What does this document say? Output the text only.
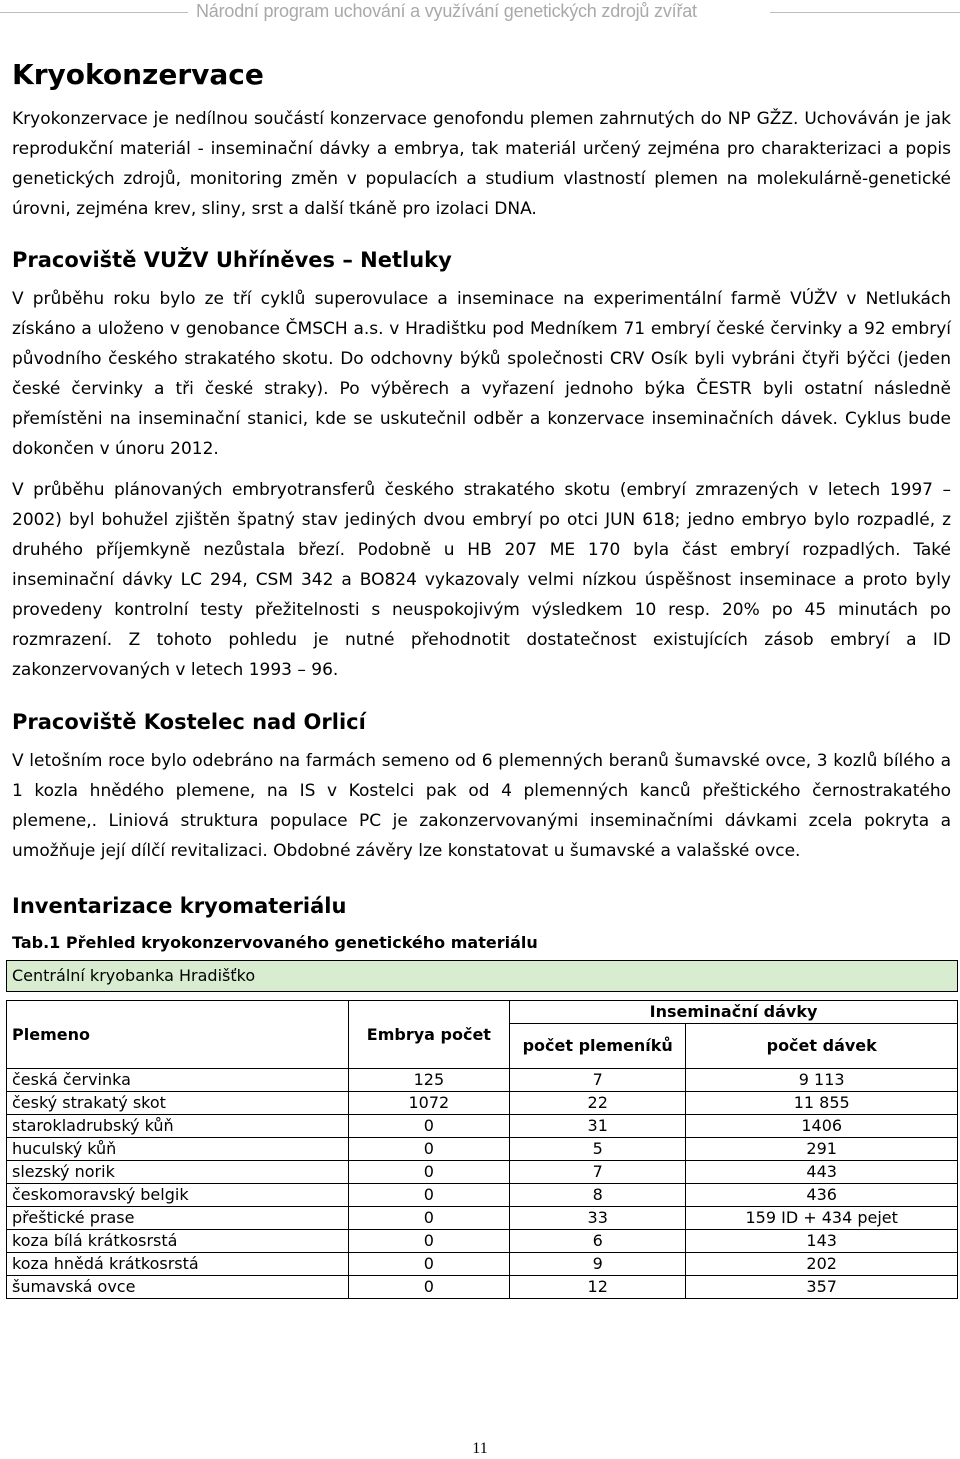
Národní program uchování a využívání genetických zdrojů zvířat
Kryokonzervace

Kryokonzervace je nedílnou součástí konzervace genofondu plemen zahrnutých do NP GŽZ. Uchováván je jak reprodukční materiál - inseminační dávky a embrya, tak materiál určený zejména pro charakterizaci a popis genetických zdrojů, monitoring změn v populacích a studium vlastností plemen na molekulárně-genetické úrovni, zejména krev, sliny, srst a další tkáně pro izolaci DNA.

Pracoviště VUŽV Uhříněves – Netluky

V průběhu roku bylo ze tří cyklů superovulace a inseminace na experimentální farmě VÚŽV v Netlukách získáno a uloženo v genobance ČMSCH a.s. v Hradištku pod Medníkem 71 embryí české červinky a 92 embryí původního českého strakatého skotu. Do odchovny býků společnosti CRV Osík byli vybráni čtyři býčci (jeden české červinky a tři české straky). Po výběrech a vyřazení jednoho býka ČESTR byli ostatní následně přemístěni na inseminační stanici, kde se uskutečnil odběr a konzervace inseminačních dávek. Cyklus bude dokončen v únoru 2012.

V průběhu plánovaných embryotransferů českého strakatého skotu (embryí zmrazených v letech 1997 – 2002) byl bohužel zjištěn špatný stav jediných dvou embryí po otci JUN 618; jedno embryo bylo rozpadlé, z druhého příjemkyně nezůstala březí. Podobně u HB 207 ME 170 byla část embryí rozpadlých. Také inseminační dávky LC 294, CSM 342 a BO824 vykazovaly velmi nízkou úspěšnost inseminace a proto byly provedeny kontrolní testy přežitelnosti s neuspokojivým výsledkem 10 resp. 20% po 45 minutách po rozmrazení. Z tohoto pohledu je nutné přehodnotit dostatečnost existujících zásob embryí a ID zakonzervovaných v letech 1993 – 96.

Pracoviště Kostelec nad Orlicí

V letošním roce bylo odebráno na farmách semeno od 6 plemenných beranů šumavské ovce, 3 kozlů bílého a 1 kozla hnědého plemene, na IS v Kostelci pak od 4 plemenných kanců přeštického černostrakatého plemene,. Liniová struktura populace PC je zakonzervovanými inseminačními dávkami zcela pokryta a umožňuje její dílčí revitalizaci. Obdobné závěry lze konstatovat u šumavské a valašské ovce.

Inventarizace kryomateriálu
Tab.1 Přehled kryokonzervovaného genetického materiálu
Centrální kryobanka Hradišťko			

Plemeno	Embrya počet	Inseminační dávky	
		počet plemeníků	počet dávek
česká červinka	125	7	9 113
český strakatý skot	1072	22	11 855
starokladrubský kůň	0	31	1406
huculský kůň	0	5	291
slezský norik	0	7	443
českomoravský belgik	0	8	436
přeštické prase	0	33	159 ID + 434 pejet
koza bílá krátkosrstá	0	6	143
koza hnědá krátkosrstá	0	9	202
šumavská ovce	0	12	357
11
